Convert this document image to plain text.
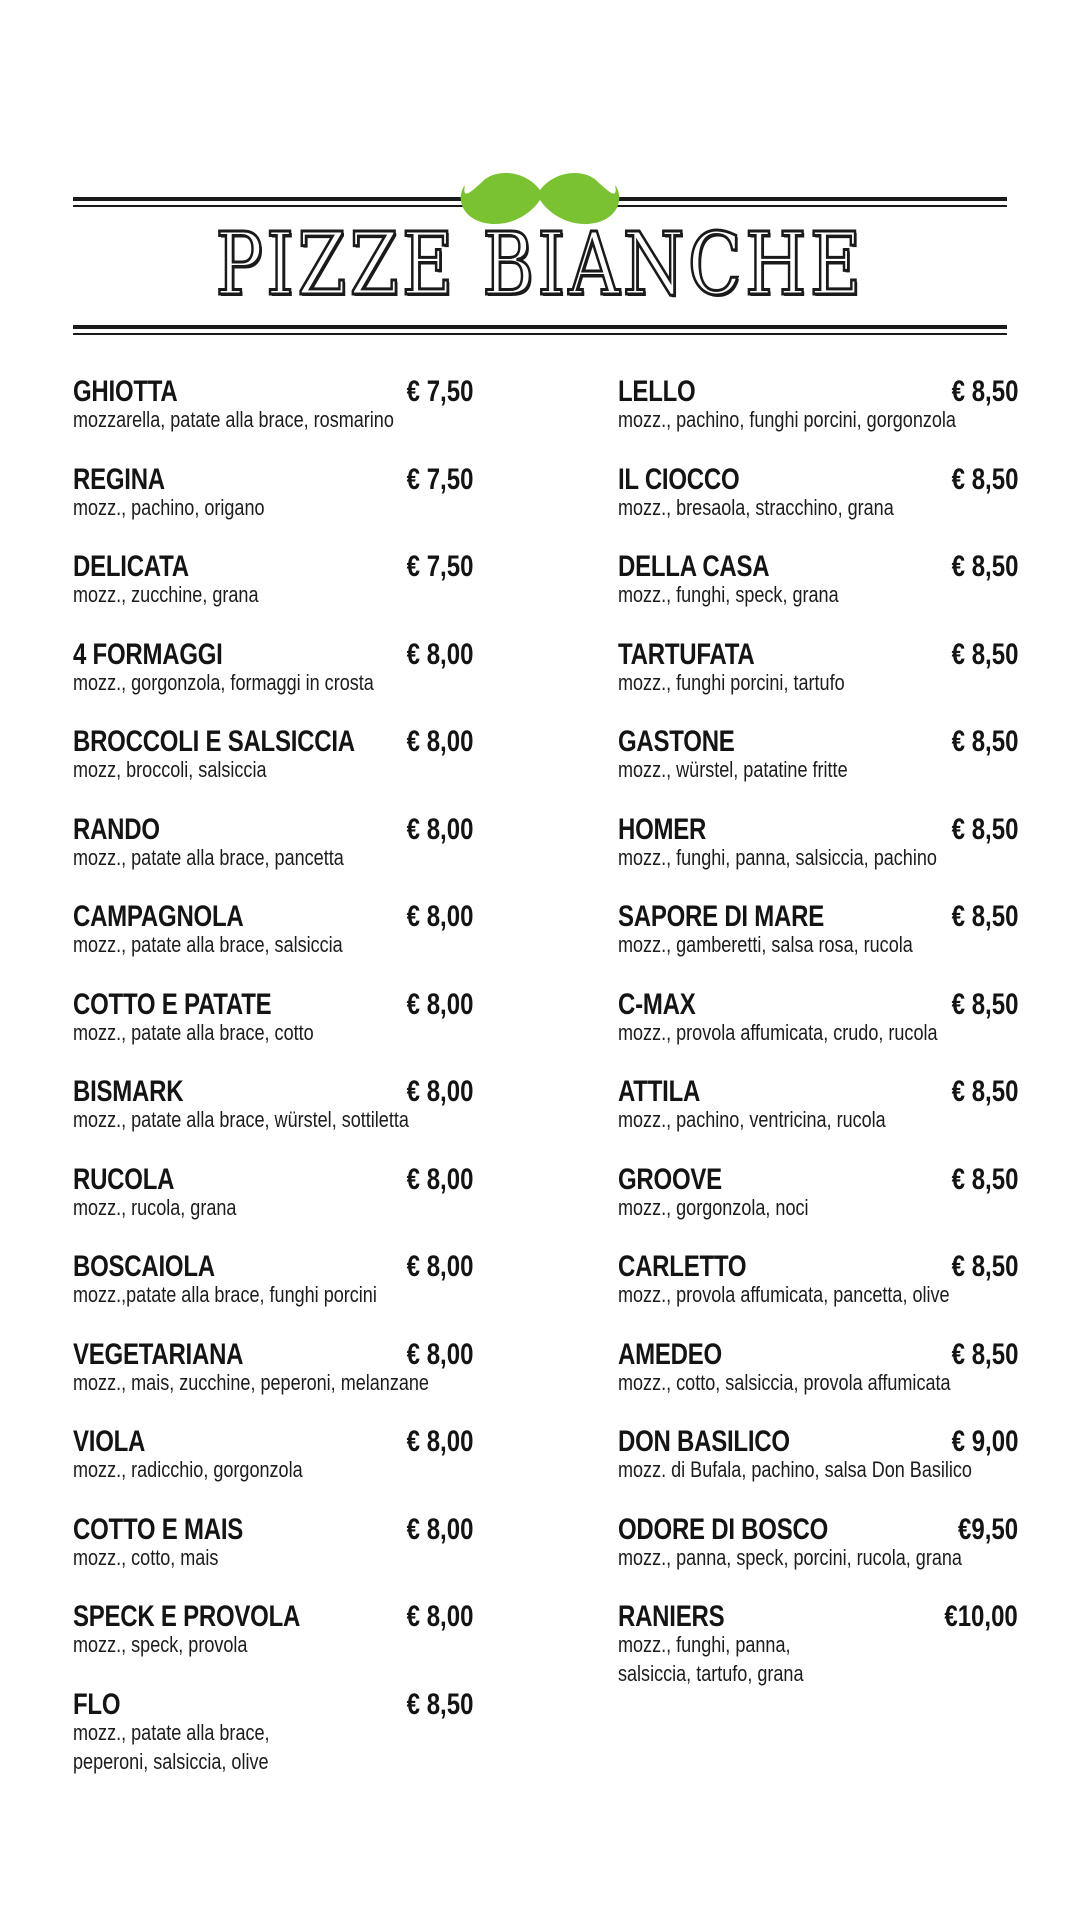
PIZZE BIANCHE
GHIOTTA	€ 7,50
mozzarella, patate alla brace, rosmarino
REGINA	€ 7,50
mozz., pachino, origano
DELICATA	€ 7,50
mozz., zucchine, grana
4 FORMAGGI	€ 8,00
mozz., gorgonzola, formaggi in crosta
BROCCOLI E SALSICCIA € 8,00
mozz, broccoli, salsiccia
RANDO	€ 8,00
mozz., patate alla brace, pancetta
CAMPAGNOLA	€ 8,00
mozz., patate alla brace, salsiccia
COTTO E PATATE	€ 8,00
mozz., patate alla brace, cotto
BISMARK	€ 8,00
mozz., patate alla brace, würstel, sottiletta
RUCOLA	€ 8,00
mozz., rucola, grana
BOSCAIOLA	€ 8,00
mozz.,patate alla brace, funghi porcini
VEGETARIANA	€ 8,00
mozz., mais, zucchine, peperoni, melanzane
VIOLA	€ 8,00
mozz., radicchio, gorgonzola
COTTO E MAIS	€ 8,00
mozz., cotto, mais
SPECK E PROVOLA	€ 8,00
mozz., speck, provola
FLO	€ 8,50
mozz., patate alla brace, peperoni, salsiccia, olive
LELLO	€ 8,50
mozz., pachino, funghi porcini, gorgonzola
IL CIOCCO	€ 8,50
mozz., bresaola, stracchino, grana
DELLA CASA	€ 8,50
mozz., funghi, speck, grana
TARTUFATA	€ 8,50
mozz., funghi porcini, tartufo
GASTONE	€ 8,50
mozz., würstel, patatine fritte
HOMER	€ 8,50
mozz., funghi, panna, salsiccia, pachino
SAPORE DI MARE	€ 8,50
mozz., gamberetti, salsa rosa, rucola
C-MAX	€ 8,50
mozz., provola affumicata, crudo, rucola
ATTILA	€ 8,50
mozz., pachino, ventricina, rucola
GROOVE	€ 8,50
mozz., gorgonzola, noci
CARLETTO	€ 8,50
mozz., provola affumicata, pancetta, olive
AMEDEO	€ 8,50
mozz., cotto, salsiccia, provola affumicata
DON BASILICO	€ 9,00
mozz. di Bufala, pachino, salsa Don Basilico
ODORE DI BOSCO	€9,50
mozz., panna, speck, porcini, rucola, grana
RANIERS	€10,00
mozz., funghi, panna, salsiccia, tartufo, grana
